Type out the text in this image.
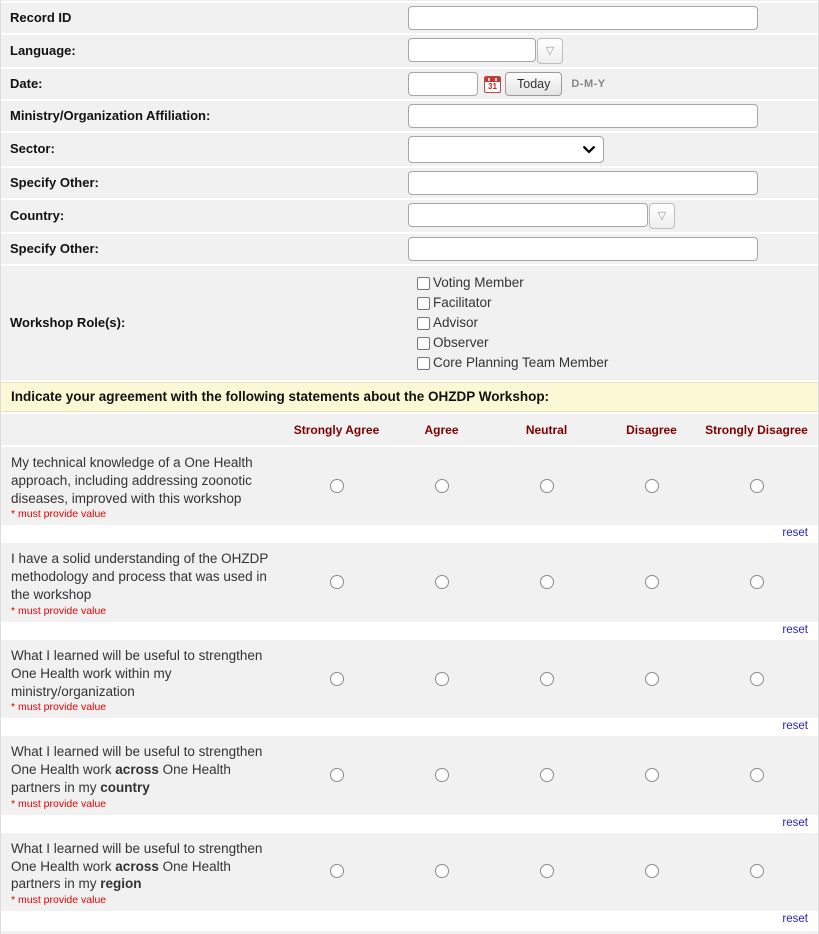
Record ID
Language:	▽
Date:	31	Today	D-M-Y
Ministry/Organization Affiliation:
Sector:
Specify Other:
Country:	▽
Specify Other:
Workshop Role(s):
Voting Member
Facilitator
Advisor
Observer
Core Planning Team Member
Indicate your agreement with the following statements about the OHZDP Workshop:
Strongly Agree	Agree	Neutral	Disagree	Strongly Disagree
My technical knowledge of a One Health approach, including addressing zoonotic diseases, improved with this workshop
* must provide value
reset
I have a solid understanding of the OHZDP methodology and process that was used in the workshop
* must provide value
reset
What I learned will be useful to strengthen One Health work within my ministry/organization
* must provide value
reset
What I learned will be useful to strengthen One Health work across One Health partners in my country
* must provide value
reset
What I learned will be useful to strengthen One Health work across One Health partners in my region
* must provide value
reset
